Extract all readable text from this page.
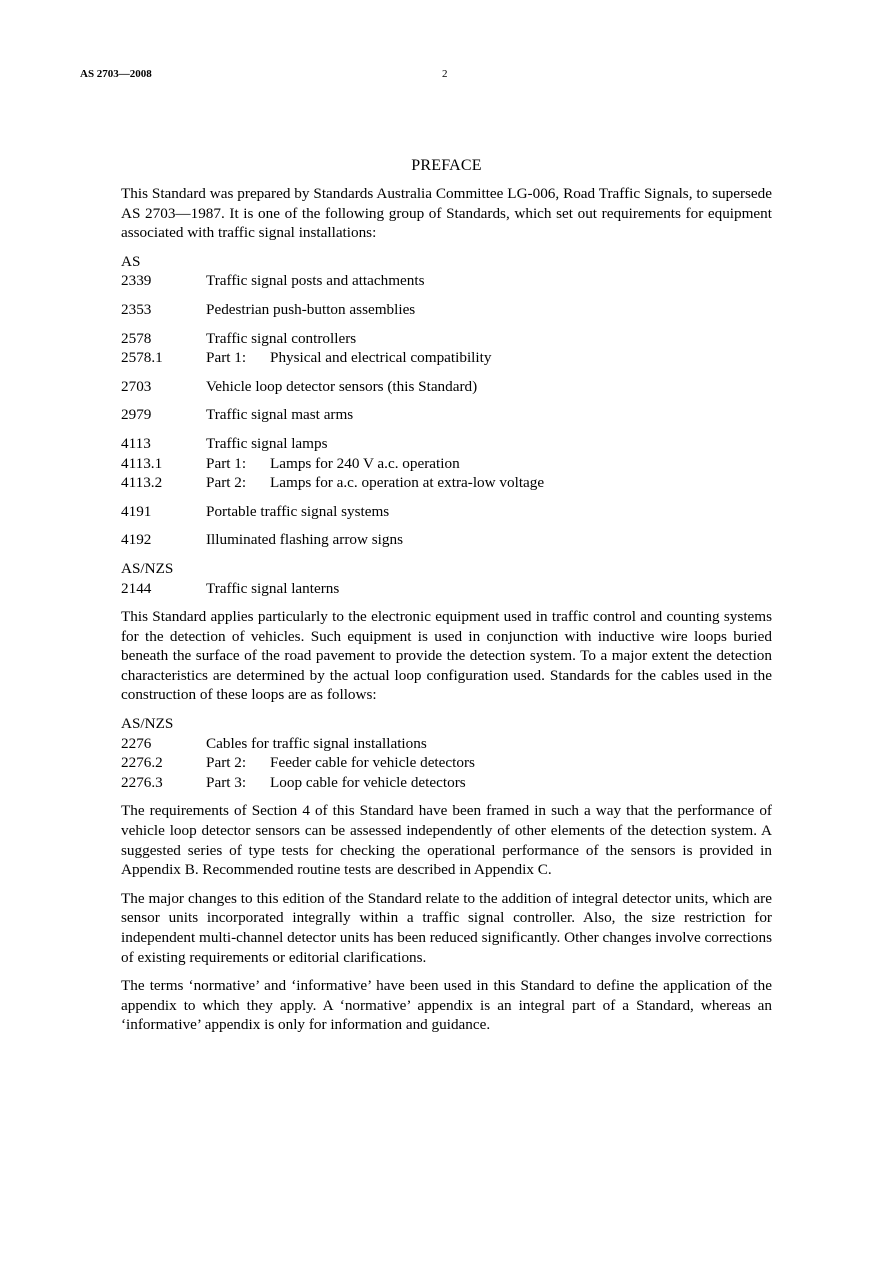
AS 2703—2008	2
PREFACE

This Standard was prepared by Standards Australia Committee LG-006, Road Traffic Signals, to supersede AS 2703—1987. It is one of the following group of Standards, which set out requirements for equipment associated with traffic signal installations:

AS
2339	Traffic signal posts and attachments
2353	Pedestrian push-button assemblies
2578	Traffic signal controllers
2578.1	Part 1: Physical and electrical compatibility
2703	Vehicle loop detector sensors (this Standard)
2979	Traffic signal mast arms
4113	Traffic signal lamps
4113.1	Part 1: Lamps for 240 V a.c. operation
4113.2	Part 2: Lamps for a.c. operation at extra-low voltage
4191	Portable traffic signal systems
4192	Illuminated flashing arrow signs
AS/NZS
2144	Traffic signal lanterns

This Standard applies particularly to the electronic equipment used in traffic control and counting systems for the detection of vehicles. Such equipment is used in conjunction with inductive wire loops buried beneath the surface of the road pavement to provide the detection system. To a major extent the detection characteristics are determined by the actual loop configuration used. Standards for the cables used in the construction of these loops are as follows:

AS/NZS
2276	Cables for traffic signal installations
2276.2	Part 2: Feeder cable for vehicle detectors
2276.3	Part 3: Loop cable for vehicle detectors

The requirements of Section 4 of this Standard have been framed in such a way that the performance of vehicle loop detector sensors can be assessed independently of other elements of the detection system. A suggested series of type tests for checking the operational performance of the sensors is provided in Appendix B. Recommended routine tests are described in Appendix C.

The major changes to this edition of the Standard relate to the addition of integral detector units, which are sensor units incorporated integrally within a traffic signal controller. Also, the size restriction for independent multi-channel detector units has been reduced significantly. Other changes involve corrections of existing requirements or editorial clarifications.

The terms ‘normative’ and ‘informative’ have been used in this Standard to define the application of the appendix to which they apply. A ‘normative’ appendix is an integral part of a Standard, whereas an ‘informative’ appendix is only for information and guidance.
